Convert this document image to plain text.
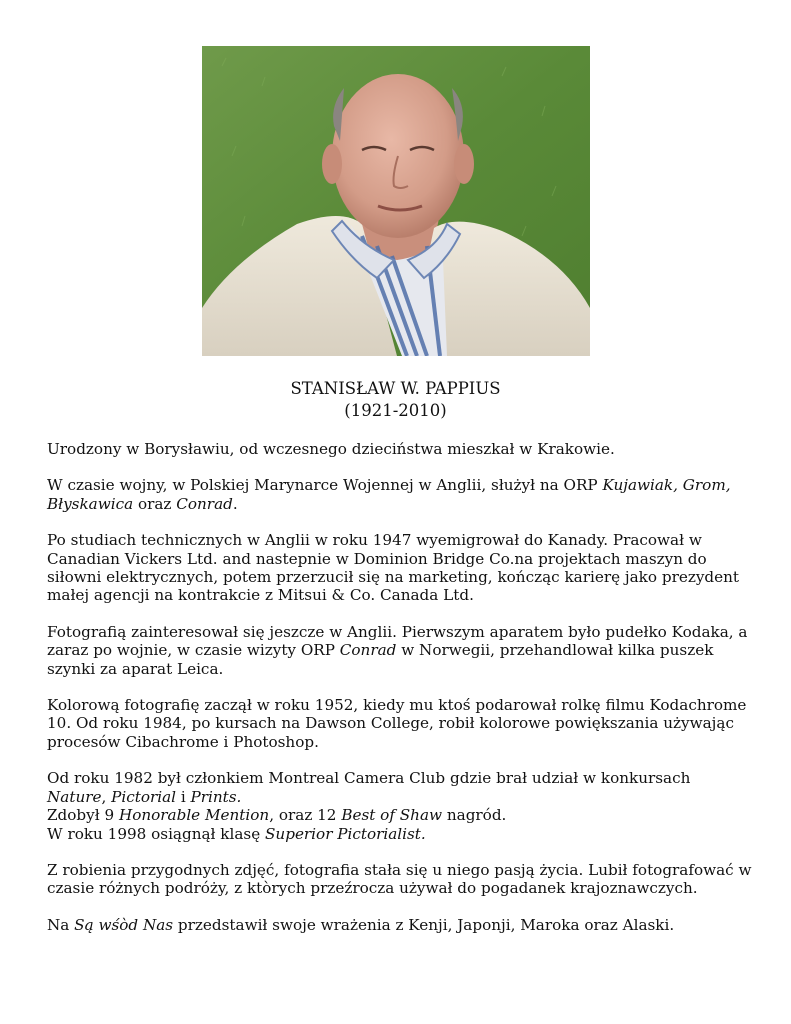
STANISŁAW W. PAPPIUS
(1921-2010)

Urodzony w Borysławiu, od wczesnego dzieciństwa mieszkał w Krakowie.

W czasie wojny, w Polskiej Marynarce Wojennej w Anglii, służył na ORP Kujawiak, Grom,
Błyskawica oraz Conrad.

Po studiach technicznych w Anglii w roku 1947 wyemigrował do Kanady. Pracował w
Canadian Vickers Ltd. and nastepnie w Dominion Bridge Co.na projektach maszyn do
siłowni elektrycznych, potem przerzucił się na marketing, kończąc karierę jako prezydent
małej agencji na kontrakcie z Mitsui & Co. Canada Ltd.

Fotografią zainteresował się jeszcze w Anglii. Pierwszym aparatem było pudełko Kodaka, a
zaraz po wojnie, w czasie wizyty ORP Conrad w Norwegii, przehandlował kilka puszek
szynki za aparat Leica.

Kolorową fotografię zaczął w roku 1952, kiedy mu ktoś podarował rolkę filmu Kodachrome
10. Od roku 1984, po kursach na Dawson College, robił kolorowe powiększania używając
procesów Cibachrome i Photoshop.

Od roku 1982 był członkiem Montreal Camera Club gdzie brał udział w konkursach
Nature, Pictorial i Prints.
Zdobył 9 Honorable Mention, oraz 12 Best of Shaw nagród.
W roku 1998 osiągnął klasę Superior Pictorialist.

Z robienia przygodnych zdjęć, fotografia stała się u niego pasją życia. Lubił fotografować w
czasie różnych podróży, z ktòrych przeźrocza używał do pogadanek krajoznawczych.

Na Są wśòd Nas przedstawił swoje wrażenia z Kenji, Japonji, Maroka oraz Alaski.
